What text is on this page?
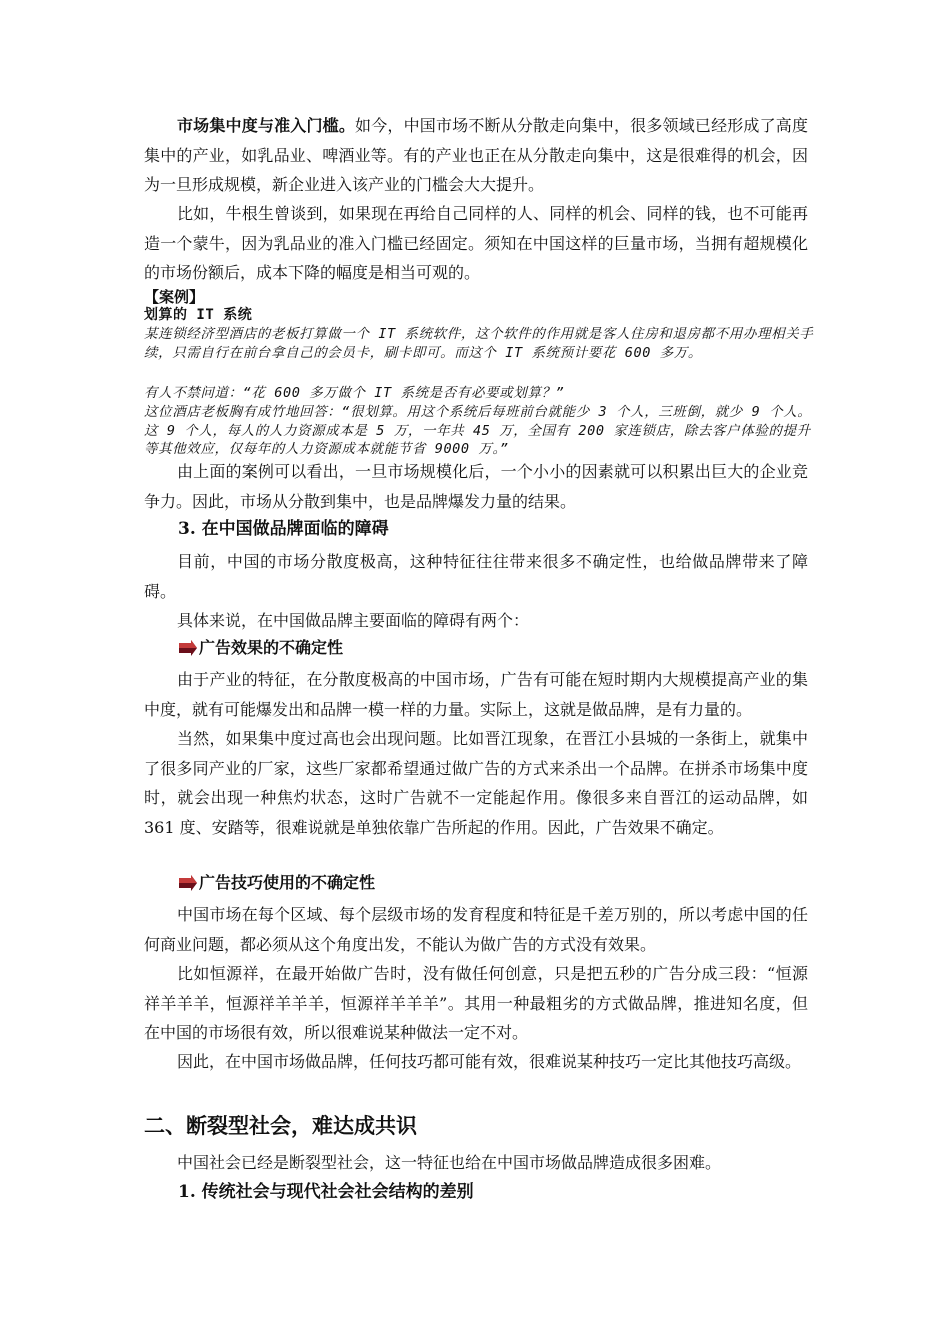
市场集中度与准入门槛。如今，中国市场不断从分散走向集中，很多领域已经形成了高度集中的产业，如乳品业、啤酒业等。有的产业也正在从分散走向集中，这是很难得的机会，因为一旦形成规模，新企业进入该产业的门槛会大大提升。

比如，牛根生曾谈到，如果现在再给自己同样的人、同样的机会、同样的钱，也不可能再造一个蒙牛，因为乳品业的准入门槛已经固定。须知在中国这样的巨量市场，当拥有超规模化的市场份额后，成本下降的幅度是相当可观的。

【案例】

划算的 IT 系统

某连锁经济型酒店的老板打算做一个 IT 系统软件，这个软件的作用就是客人住房和退房都不用办理相关手续，只需自行在前台拿自己的会员卡，刷卡即可。而这个 IT 系统预计要花 600 多万。

有人不禁问道：“花 600 多万做个 IT 系统是否有必要或划算？”

这位酒店老板胸有成竹地回答：“很划算。用这个系统后每班前台就能少 3 个人，三班倒，就少 9 个人。这 9 个人，每人的人力资源成本是 5 万，一年共 45 万，全国有 200 家连锁店，除去客户体验的提升等其他效应，仅每年的人力资源成本就能节省 9000 万。”

由上面的案例可以看出，一旦市场规模化后，一个小小的因素就可以积累出巨大的企业竞争力。因此，市场从分散到集中，也是品牌爆发力量的结果。

3. 在中国做品牌面临的障碍

目前，中国的市场分散度极高，这种特征往往带来很多不确定性，也给做品牌带来了障碍。

具体来说，在中国做品牌主要面临的障碍有两个：

广告效果的不确定性

由于产业的特征，在分散度极高的中国市场，广告有可能在短时期内大规模提高产业的集中度，就有可能爆发出和品牌一模一样的力量。实际上，这就是做品牌，是有力量的。

当然，如果集中度过高也会出现问题。比如晋江现象，在晋江小县城的一条街上，就集中了很多同产业的厂家，这些厂家都希望通过做广告的方式来杀出一个品牌。在拼杀市场集中度时，就会出现一种焦灼状态，这时广告就不一定能起作用。像很多来自晋江的运动品牌，如 361 度、安踏等，很难说就是单独依靠广告所起的作用。因此，广告效果不确定。

广告技巧使用的不确定性

中国市场在每个区域、每个层级市场的发育程度和特征是千差万别的，所以考虑中国的任何商业问题，都必须从这个角度出发，不能认为做广告的方式没有效果。

比如恒源祥，在最开始做广告时，没有做任何创意，只是把五秒的广告分成三段：“恒源祥羊羊羊，恒源祥羊羊羊，恒源祥羊羊羊”。其用一种最粗劣的方式做品牌，推进知名度，但在中国的市场很有效，所以很难说某种做法一定不对。

因此，在中国市场做品牌，任何技巧都可能有效，很难说某种技巧一定比其他技巧高级。

二、断裂型社会，难达成共识

中国社会已经是断裂型社会，这一特征也给在中国市场做品牌造成很多困难。

1. 传统社会与现代社会社会结构的差别
